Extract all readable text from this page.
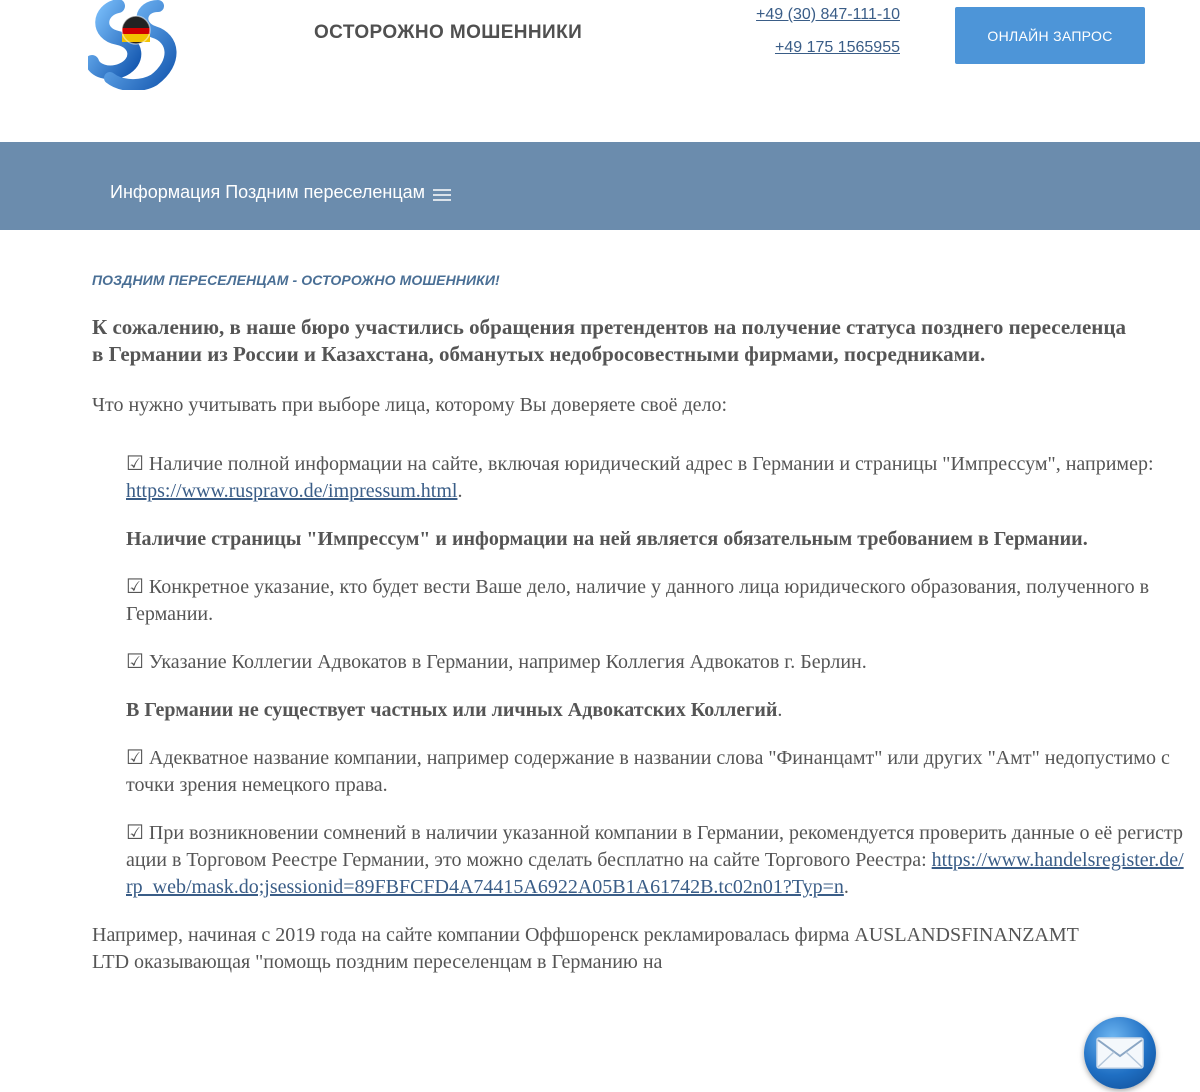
ОСТОРОЖНО МОШЕННИКИ
+49 (30) 847-111-10
+49 175 1565955
ОНЛАЙН ЗАПРОС
Информация Поздним переселенцам

ПОЗДНИМ ПЕРЕСЕЛЕНЦАМ - ОСТОРОЖНО МОШЕННИКИ!

К сожалению, в наше бюро участились обращения претендентов на получение статуса позднего переселенца в Германии из России и Казахстана, обманутых недобросовестными фирмами, посредниками.

Что нужно учитывать при выборе лица, которому Вы доверяете своё дело:

☑ Наличие полной информации на сайте, включая юридический адрес в Германии и страницы "Импрессум", например: https://www.ruspravo.de/impressum.html.

Наличие страницы "Импрессум" и информации на ней является обязательным требованием в Германии.

☑ Конкретное указание, кто будет вести Ваше дело, наличие у данного лица юридического образования, полученного в Германии.

☑ Указание Коллегии Адвокатов в Германии, например Коллегия Адвокатов г. Берлин.

В Германии не существует частных или личных Адвокатских Коллегий.

☑ Адекватное название компании, например содержание в названии слова "Финанцамт" или других "Амт" недопустимо с точки зрения немецкого права.

☑ При возникновении сомнений в наличии указанной компании в Германии, рекомендуется проверить данные о её регистрации в Торговом Реестре Германии, это можно сделать бесплатно на сайте Торгового Реестра: https://www.handelsregister.de/rp_web/mask.do;jsessionid=89FBFCFD4A74415A6922A05B1A61742B.tc02n01?Typ=n.

Например, начиная с 2019 года на сайте компании Оффшоренск рекламировалась фирма AUSLANDSFINANZAMT LTD оказывающая "помощь поздним переселенцам в Германию на
